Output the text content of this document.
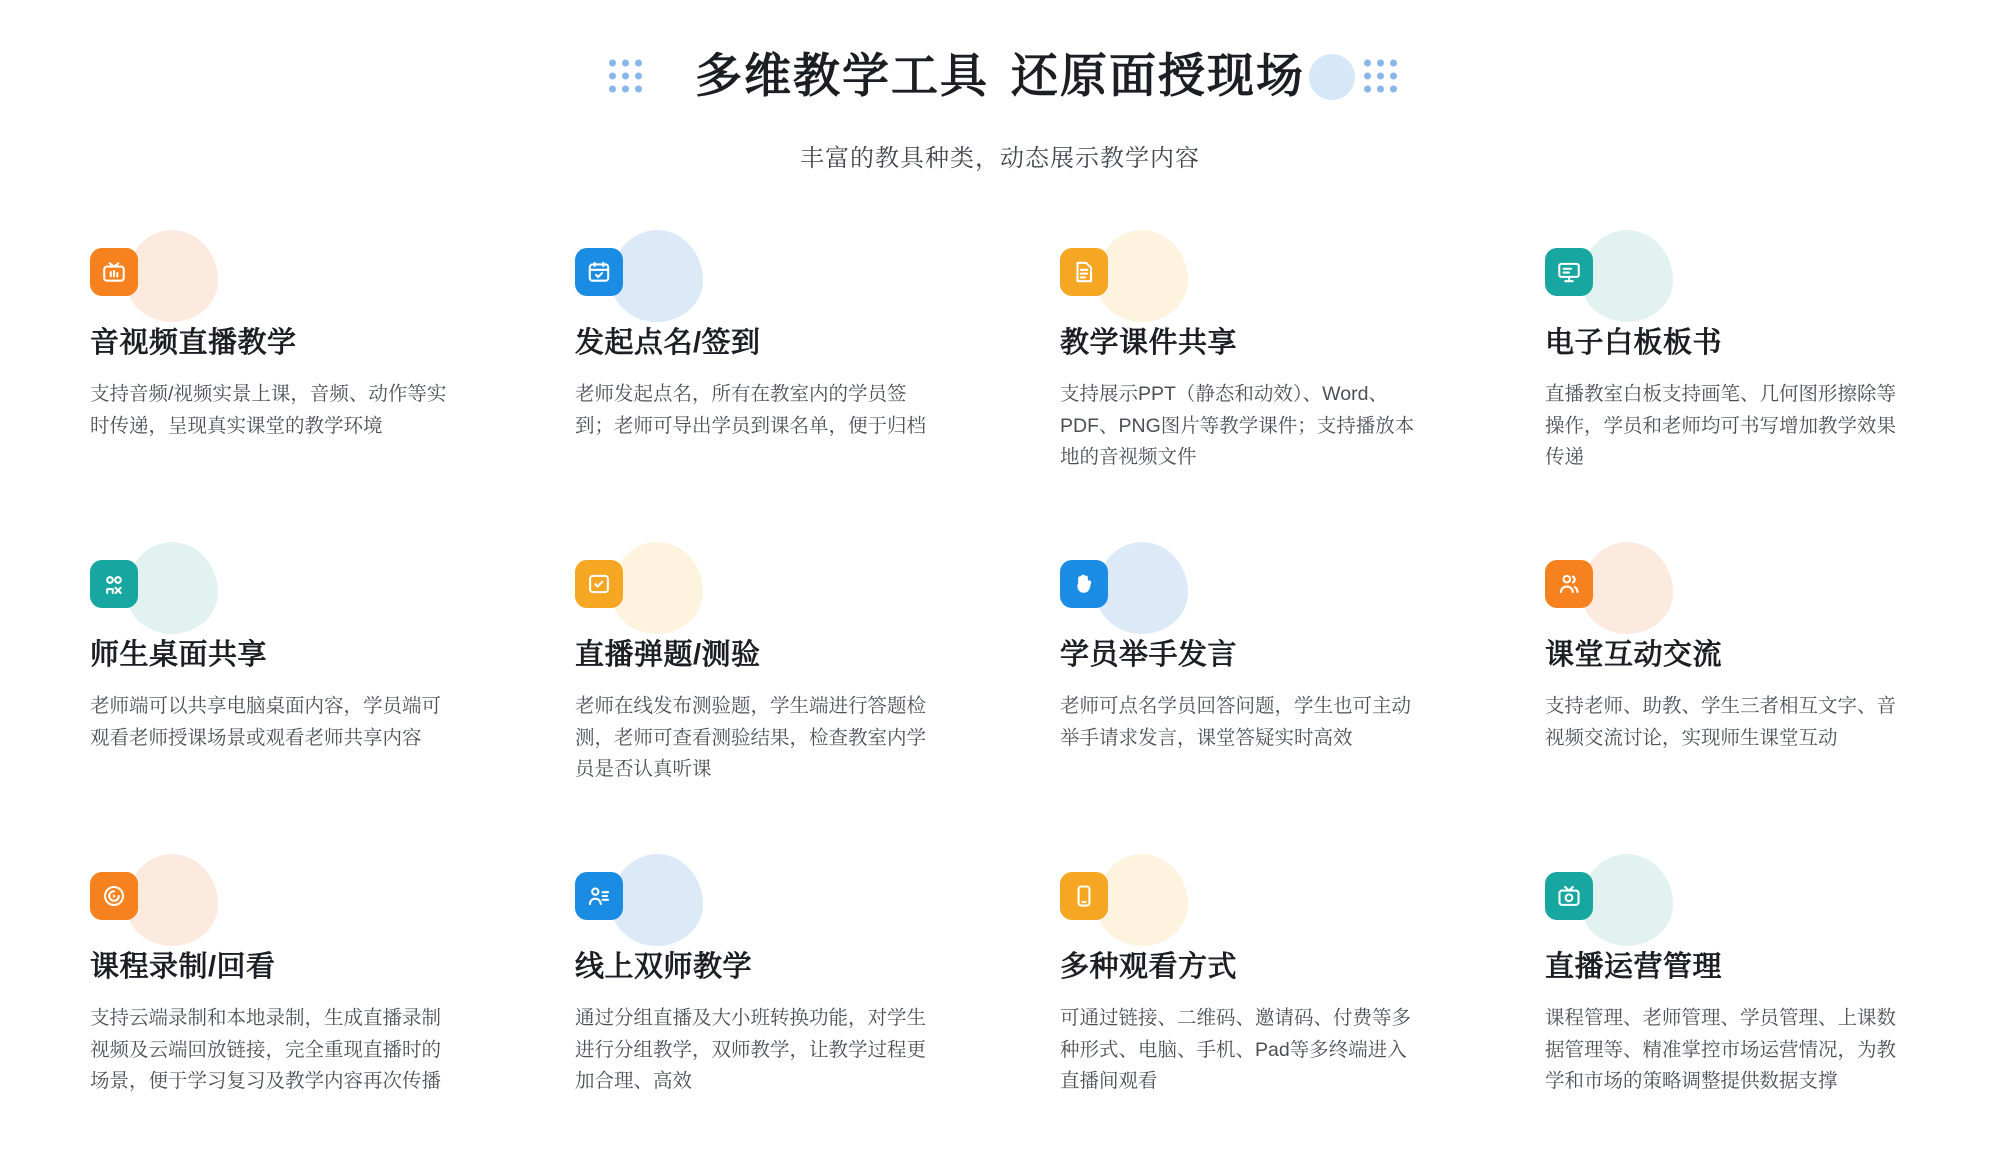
多维教学工具 还原面授现场
丰富的教具种类，动态展示教学内容
音视频直播教学
支持音频/视频实景上课，音频、动作等实时传递，呈现真实课堂的教学环境
发起点名/签到
老师发起点名，所有在教室内的学员签到；老师可导出学员到课名单，便于归档
教学课件共享
支持展示PPT（静态和动效）、Word、PDF、PNG图片等教学课件；支持播放本地的音视频文件
电子白板板书
直播教室白板支持画笔、几何图形擦除等操作，学员和老师均可书写增加教学效果传递
师生桌面共享
老师端可以共享电脑桌面内容，学员端可观看老师授课场景或观看老师共享内容
直播弹题/测验
老师在线发布测验题，学生端进行答题检测，老师可查看测验结果，检查教室内学员是否认真听课
学员举手发言
老师可点名学员回答问题，学生也可主动举手请求发言，课堂答疑实时高效
课堂互动交流
支持老师、助教、学生三者相互文字、音视频交流讨论，实现师生课堂互动
课程录制/回看
支持云端录制和本地录制，生成直播录制视频及云端回放链接，完全重现直播时的场景，便于学习复习及教学内容再次传播
线上双师教学
通过分组直播及大小班转换功能，对学生进行分组教学，双师教学，让教学过程更加合理、高效
多种观看方式
可通过链接、二维码、邀请码、付费等多种形式、电脑、手机、Pad等多终端进入直播间观看
直播运营管理
课程管理、老师管理、学员管理、上课数据管理等、精准掌控市场运营情况，为教学和市场的策略调整提供数据支撑
